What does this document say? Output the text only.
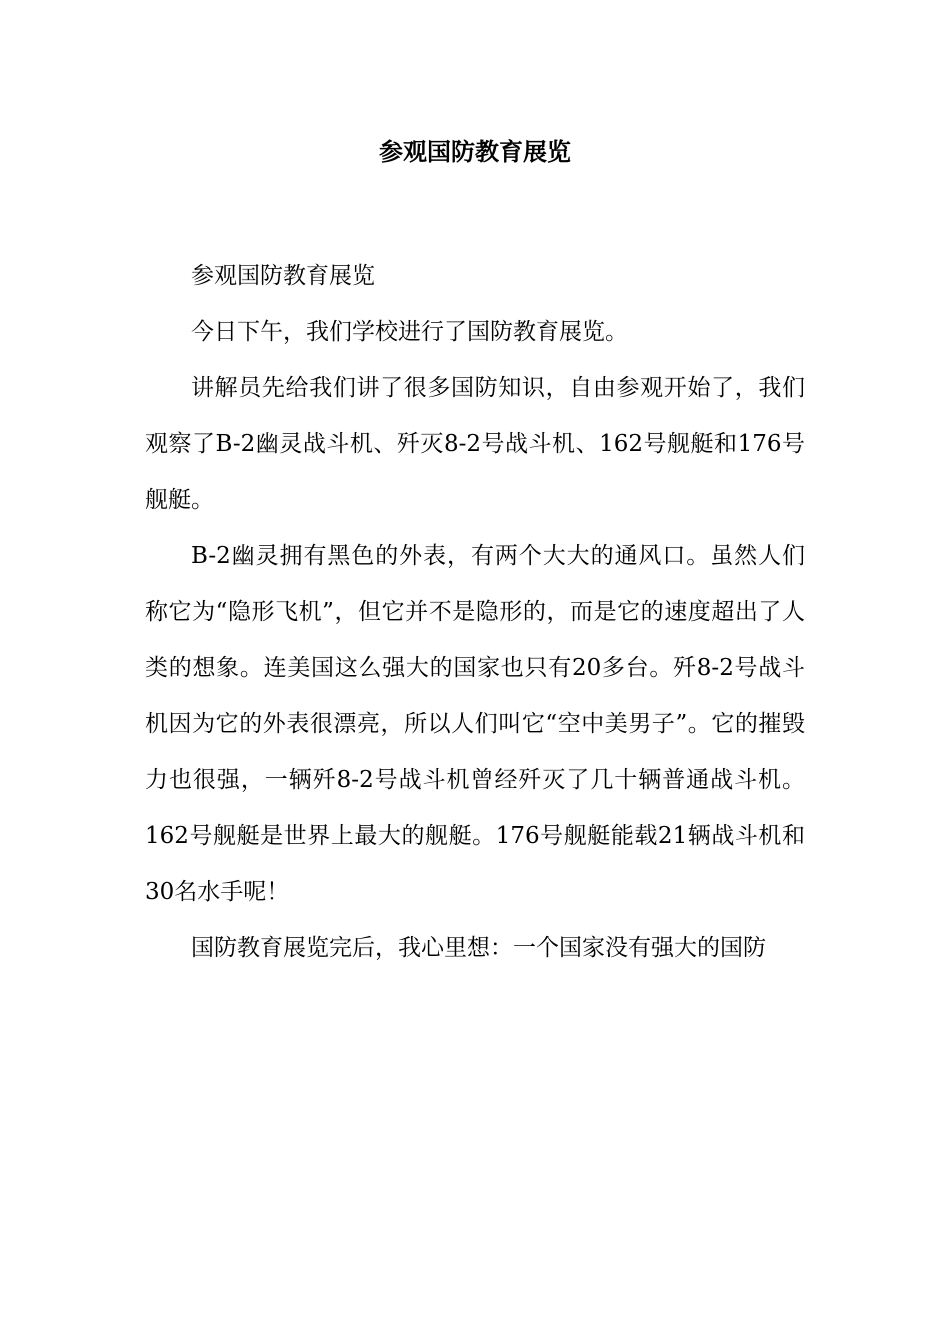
参观国防教育展览

参观国防教育展览

今日下午，我们学校进行了国防教育展览。

讲解员先给我们讲了很多国防知识，自由参观开始了，我们观察了B-2幽灵战斗机、歼灭8-2号战斗机、162号舰艇和176号舰艇。

B-2幽灵拥有黑色的外表，有两个大大的通风口。虽然人们称它为“隐形飞机”，但它并不是隐形的，而是它的速度超出了人类的想象。连美国这么强大的国家也只有20多台。歼8-2号战斗机因为它的外表很漂亮，所以人们叫它“空中美男子”。它的摧毁力也很强，一辆歼8-2号战斗机曾经歼灭了几十辆普通战斗机。162号舰艇是世界上最大的舰艇。176号舰艇能载21辆战斗机和30名水手呢！

国防教育展览完后，我心里想：一个国家没有强大的国防
